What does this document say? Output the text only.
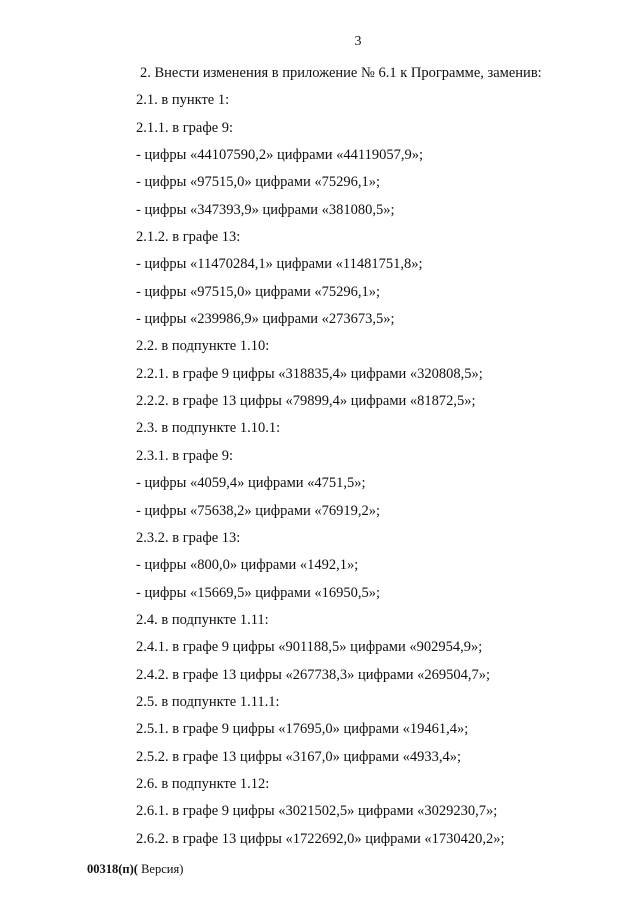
3
2. Внести изменения в приложение № 6.1 к Программе, заменив:
2.1. в пункте 1:
2.1.1. в графе 9:
- цифры «44107590,2» цифрами «44119057,9»;
- цифры «97515,0» цифрами «75296,1»;
- цифры «347393,9» цифрами «381080,5»;
2.1.2. в графе 13:
- цифры «11470284,1» цифрами «11481751,8»;
- цифры «97515,0» цифрами «75296,1»;
- цифры «239986,9» цифрами «273673,5»;
2.2. в подпункте 1.10:
2.2.1. в графе 9 цифры «318835,4» цифрами «320808,5»;
2.2.2. в графе 13 цифры «79899,4» цифрами «81872,5»;
2.3. в подпункте 1.10.1:
2.3.1. в графе 9:
- цифры «4059,4» цифрами «4751,5»;
- цифры «75638,2» цифрами «76919,2»;
2.3.2. в графе 13:
- цифры «800,0» цифрами «1492,1»;
- цифры «15669,5» цифрами «16950,5»;
2.4. в подпункте 1.11:
2.4.1. в графе 9 цифры «901188,5» цифрами «902954,9»;
2.4.2. в графе 13 цифры «267738,3» цифрами «269504,7»;
2.5. в подпункте 1.11.1:
2.5.1. в графе 9 цифры «17695,0» цифрами «19461,4»;
2.5.2. в графе 13 цифры «3167,0» цифрами «4933,4»;
2.6. в подпункте 1.12:
2.6.1. в графе 9 цифры «3021502,5» цифрами «3029230,7»;
2.6.2. в графе 13 цифры «1722692,0» цифрами «1730420,2»;
00318(п)( Версия)
